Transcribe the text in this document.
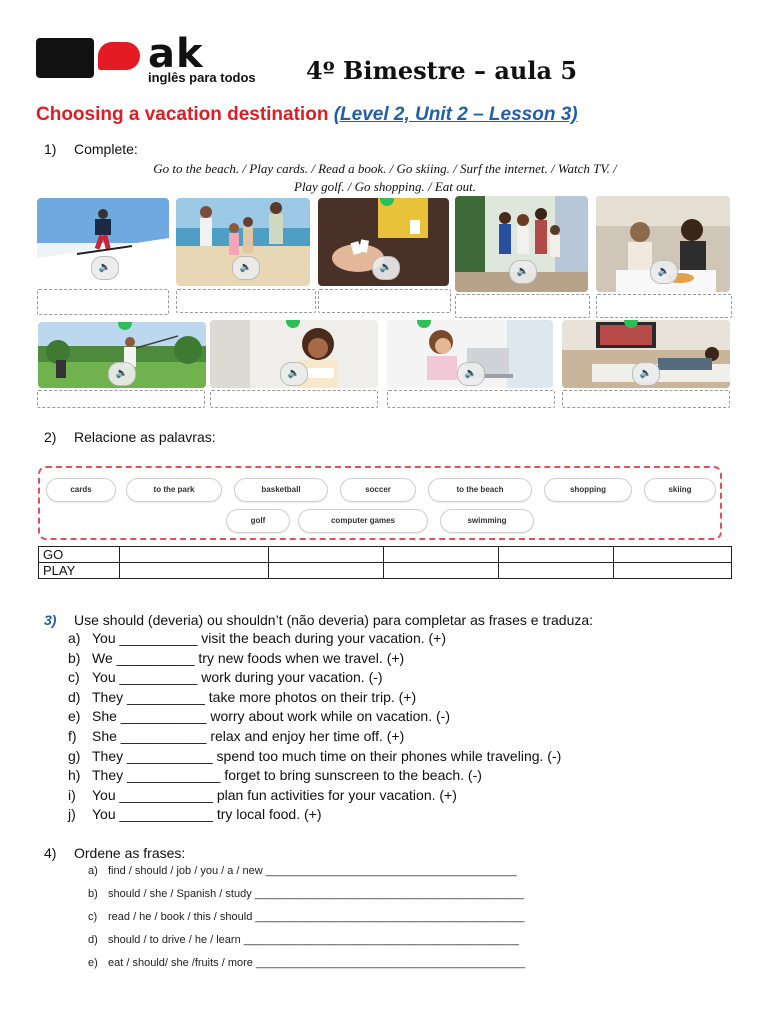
ak
inglês para todos 4º Bimestre – aula 5
Choosing a vacation destination (Level 2, Unit 2 – Lesson 3)
1) Complete:
Go to the beach. / Play cards. / Read a book. / Go skiing. / Surf the internet. / Watch TV. /
Play golf. / Go shopping. / Eat out.
🔈	🔈	🔈	🔈	🔈
🔈	🔈	🔈	🔈
2) Relacione as palavras:
cards	to the park	basketball	soccer	to the beach	shopping	skiing
golf	computer games	swimming
GO					
PLAY					
3) Use should (deveria) ou shouldn’t (não deveria) para completar as frases e traduza:
a) You __________ visit the beach during your vacation. (+)
b) We __________ try new foods when we travel. (+)
c) You __________ work during your vacation. (-)
d) They __________ take more photos on their trip. (+)
e) She ___________ worry about work while on vacation. (-)
f) She ___________ relax and enjoy her time off. (+)
g) They ___________ spend too much time on their phones while traveling. (-)
h) They ____________ forget to bring sunscreen to the beach. (-)
i) You ____________ plan fun activities for your vacation. (+)
j) You ____________ try local food. (+)
4) Ordene as frases:
a) find / should / job / you / a / new _________________________________________
b) should / she / Spanish / study ____________________________________________
c) read / he / book / this / should ____________________________________________
d) should / to drive / he / learn _____________________________________________
e) eat / should/ she /fruits / more ____________________________________________
